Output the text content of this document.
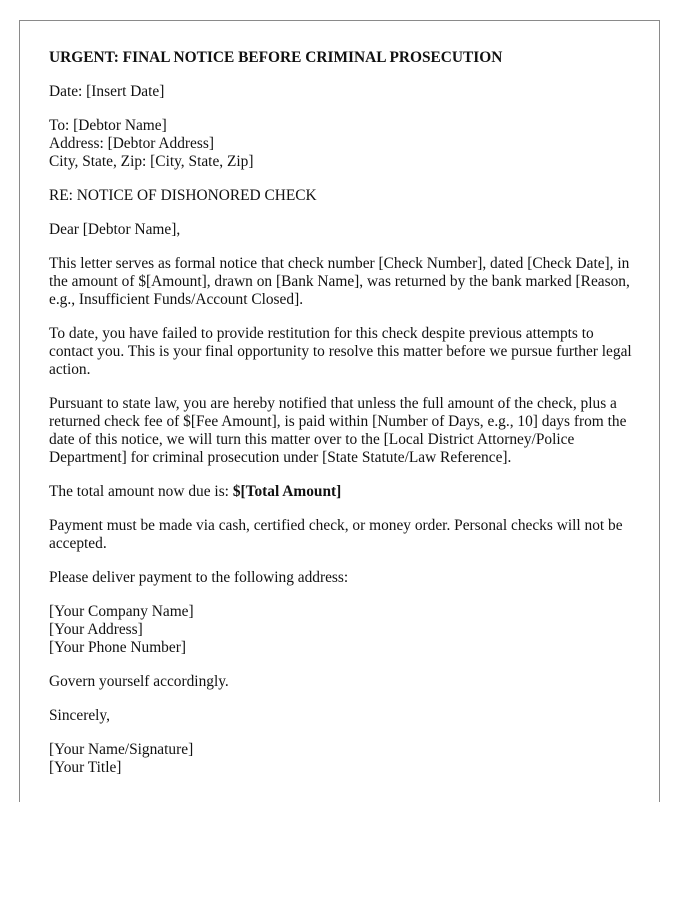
URGENT: FINAL NOTICE BEFORE CRIMINAL PROSECUTION

Date: [Insert Date]

To: [Debtor Name]
Address: [Debtor Address]
City, State, Zip: [City, State, Zip]

RE: NOTICE OF DISHONORED CHECK

Dear [Debtor Name],

This letter serves as formal notice that check number [Check Number], dated [Check Date], in the amount of $[Amount], drawn on [Bank Name], was returned by the bank marked [Reason, e.g., Insufficient Funds/Account Closed].

To date, you have failed to provide restitution for this check despite previous attempts to contact you. This is your final opportunity to resolve this matter before we pursue further legal action.

Pursuant to state law, you are hereby notified that unless the full amount of the check, plus a returned check fee of $[Fee Amount], is paid within [Number of Days, e.g., 10] days from the date of this notice, we will turn this matter over to the [Local District Attorney/Police Department] for criminal prosecution under [State Statute/Law Reference].

The total amount now due is: $[Total Amount]

Payment must be made via cash, certified check, or money order. Personal checks will not be accepted.

Please deliver payment to the following address:

[Your Company Name]
[Your Address]
[Your Phone Number]

Govern yourself accordingly.

Sincerely,

[Your Name/Signature]
[Your Title]
